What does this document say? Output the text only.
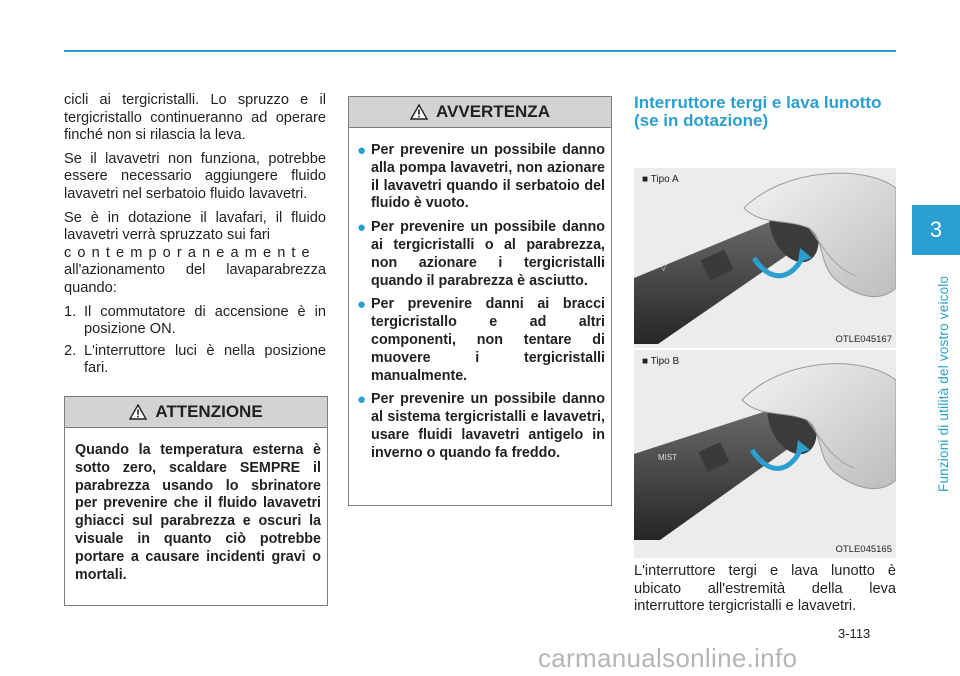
cicli ai tergicristalli. Lo spruzzo e il tergicristallo continueranno ad operare finché non si rilascia la leva.

Se il lavavetri non funziona, potrebbe essere necessario aggiungere fluido lavavetri nel serbatoio fluido lavavetri.

Se è in dotazione il lavafari, il fluido lavavetri verrà spruzzato sui fari

contemporaneamente
all'azionamento del lavaparabrezza quando:

1. Il commutatore di accensione è in posizione ON.
2. L'interruttore luci è nella posizione fari.
ATTENZIONE
Quando la temperatura esterna è sotto zero, scaldare SEMPRE il parabrezza usando lo sbrinatore per prevenire che il fluido lavavetri ghiacci sul parabrezza e oscuri la visuale in quanto ciò potrebbe portare a causare incidenti gravi o mortali.
AVVERTENZA
● Per prevenire un possibile danno alla pompa lavavetri, non azionare il lavavetri quando il serbatoio del fluido è vuoto.
● Per prevenire un possibile danno ai tergicristalli o al parabrezza, non azionare i tergicristalli quando il parabrezza è asciutto.
● Per prevenire danni ai bracci tergicristallo e ad altri componenti, non tentare di muovere i tergicristalli manualmente.
● Per prevenire un possibile danno al sistema tergicristalli e lavavetri, usare fluidi lavavetri antigelo in inverno o quando fa freddo.
Interruttore tergi e lava lunotto (se in dotazione)
▽
■ Tipo A
OTLE045167
MIST
■ Tipo B
OTLE045165

L'interruttore tergi e lava lunotto è ubicato all'estremità della leva interruttore tergicristalli e lavavetri.

3
Funzioni di utilità del vostro veicolo
3-113
carmanualsonline.info
